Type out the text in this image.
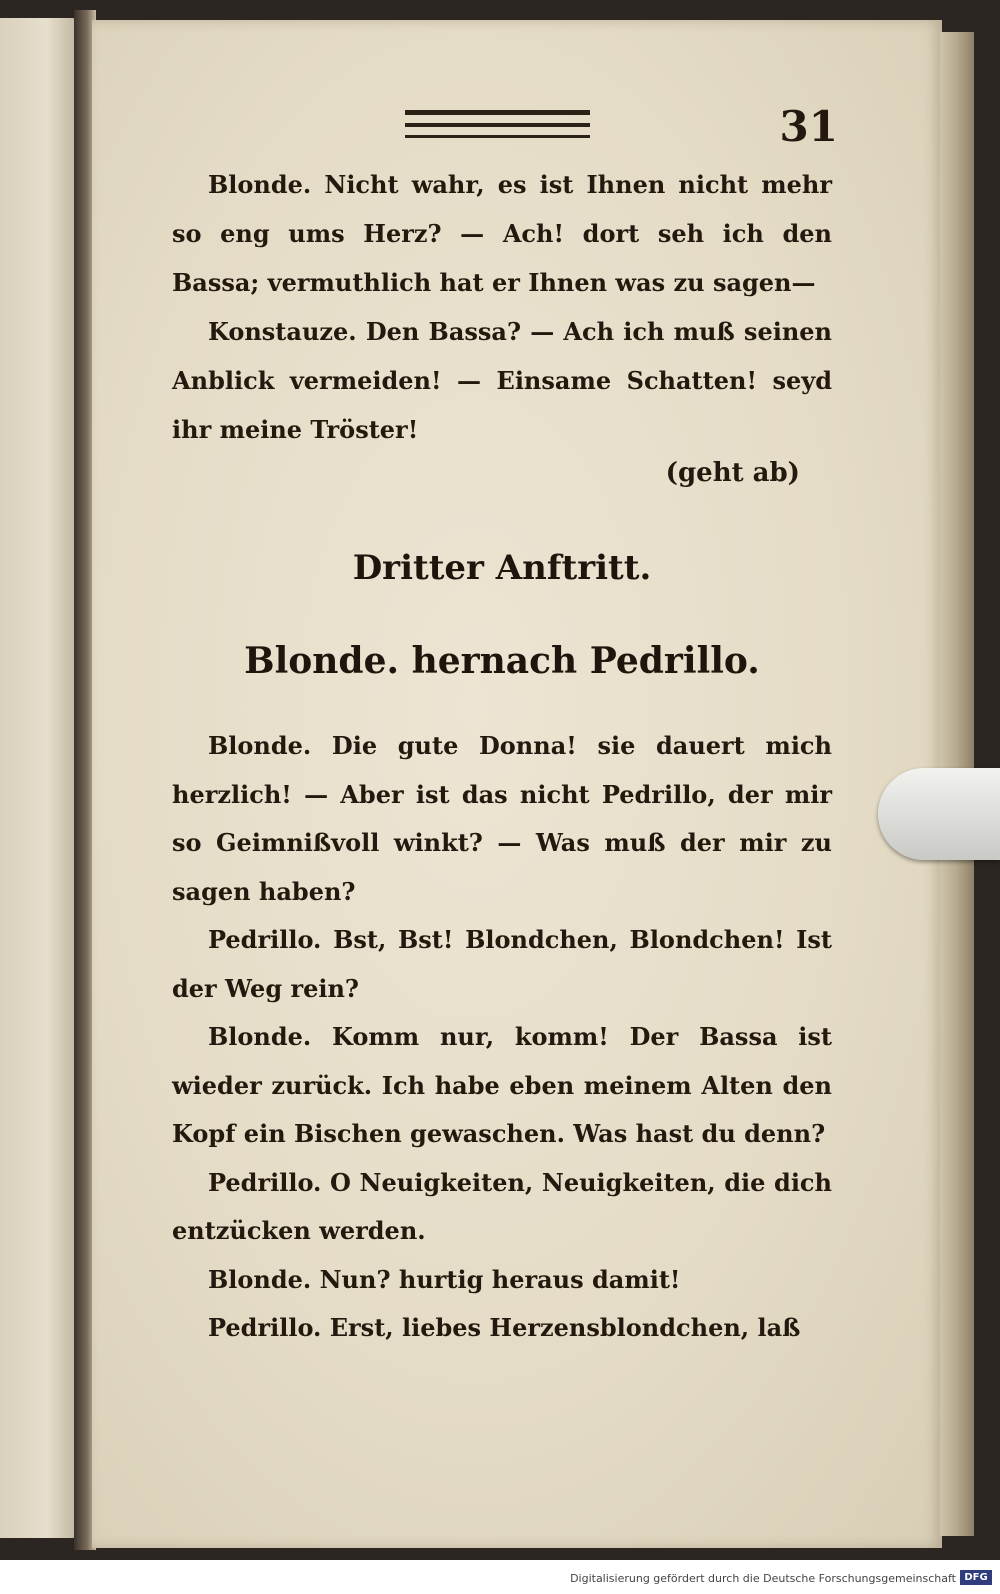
31

Blonde. Nicht wahr, es ist Ihnen nicht mehr so eng ums Herz? — Ach! dort seh ich den Bassa; vermuthlich hat er Ihnen was zu sagen—

Konstauze. Den Bassa? — Ach ich muß seinen Anblick vermeiden! — Einsame Schatten! seyd ihr meine Tröster!

(geht ab)
Dritter Anftritt.
Blonde. hernach Pedrillo.

Blonde. Die gute Donna! sie dauert mich herzlich! — Aber ist das nicht Pedrillo, der mir so Geimnißvoll winkt? — Was muß der mir zu sagen haben?

Pedrillo. Bst, Bst! Blondchen, Blondchen! Ist der Weg rein?

Blonde. Komm nur, komm! Der Bassa ist wieder zurück. Ich habe eben meinem Alten den Kopf ein Bischen gewaschen. Was hast du denn?

Pedrillo. O Neuigkeiten, Neuigkeiten, die dich entzücken werden.

Blonde. Nun? hurtig heraus damit!

Pedrillo. Erst, liebes Herzensblondchen, laß

Digitalisierung gefördert durch die Deutsche Forschungsgemeinschaft DFG
